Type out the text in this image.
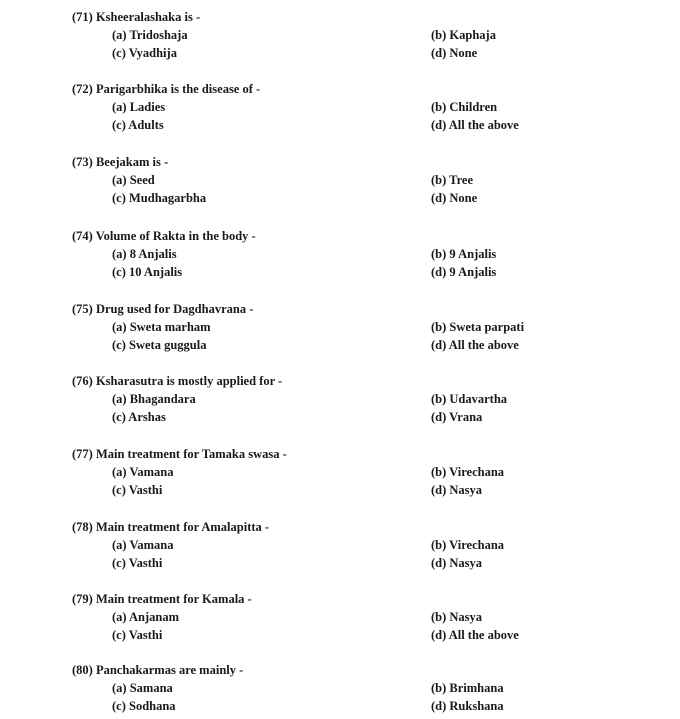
(71) Ksheeralashaka is -
(a) Tridoshaja	(b) Kaphaja
(c) Vyadhija	(d) None
(72) Parigarbhika is the disease of -
(a) Ladies	(b) Children
(c) Adults	(d) All the above
(73) Beejakam is -
(a) Seed	(b) Tree
(c) Mudhagarbha	(d) None
(74) Volume of Rakta in the body -
(a) 8 Anjalis	(b) 9 Anjalis
(c) 10 Anjalis	(d) 9 Anjalis
(75) Drug used for Dagdhavrana -
(a) Sweta marham	(b) Sweta parpati
(c) Sweta guggula	(d) All the above
(76) Ksharasutra is mostly applied for -
(a) Bhagandara	(b) Udavartha
(c) Arshas	(d) Vrana
(77) Main treatment for Tamaka swasa -
(a) Vamana	(b) Virechana
(c) Vasthi	(d) Nasya
(78) Main treatment for Amalapitta -
(a) Vamana	(b) Virechana
(c) Vasthi	(d) Nasya
(79) Main treatment for Kamala -
(a) Anjanam	(b) Nasya
(c) Vasthi	(d) All the above
(80) Panchakarmas are mainly -
(a) Samana	(b) Brimhana
(c) Sodhana	(d) Rukshana
